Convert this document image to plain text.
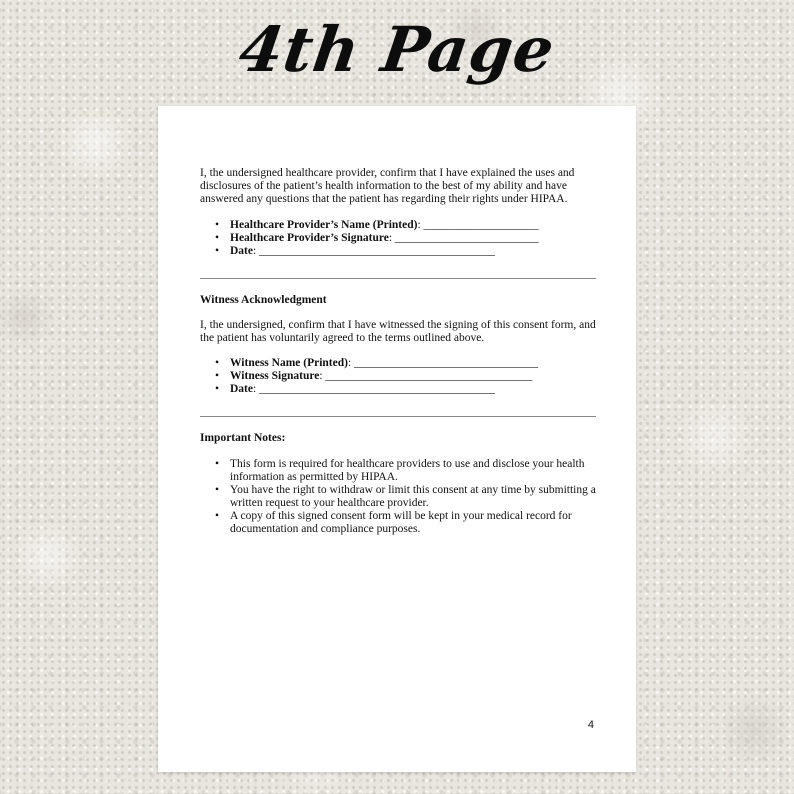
4th Page

I, the undersigned healthcare provider, confirm that I have explained the uses and disclosures of the patient’s health information to the best of my ability and have answered any questions that the patient has regarding their rights under HIPAA.

• Healthcare Provider’s Name (Printed): ____________________
• Healthcare Provider’s Signature: _________________________
• Date: _________________________________________

Witness Acknowledgment

I, the undersigned, confirm that I have witnessed the signing of this consent form, and the patient has voluntarily agreed to the terms outlined above.

• Witness Name (Printed): ________________________________
• Witness Signature: ____________________________________
• Date: _________________________________________

Important Notes:

• This form is required for healthcare providers to use and disclose your health information as permitted by HIPAA.
• You have the right to withdraw or limit this consent at any time by submitting a written request to your healthcare provider.
• A copy of this signed consent form will be kept in your medical record for documentation and compliance purposes.
4
